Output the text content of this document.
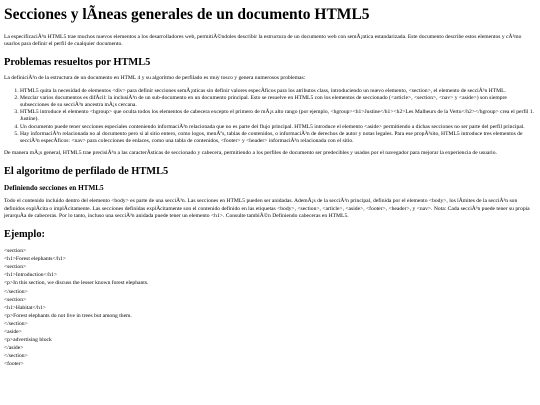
Secciones y lÃneas generales de un documento HTML5

La especificaciÃ³n HTML5 trae muchos nuevos elementos a los desarrolladores web, permitiÃ©ndoles describir la estructura de un documento web con semÃ¡ntica estandarizada. Este documento describe estos elementos y cÃ³mo usarlos para definir el perfil de cualquier documento.

Problemas resueltos por HTML5

La definiciÃ³n de la estructura de un documento en HTML 4 y su algoritmo de perfilado es muy tosco y genera numerosos problemas:

1. HTML5 quita la necesidad de elementos <div> para definir secciones semÃ¡nticas sin definir valores especÃficos para los atributos class, introduciendo un nuevo elemento, <section>, el elemento de secciÃ³n HTML.
2. Mezclar varios documentos es difÃcil: la inclusiÃ³n de un sub-documento en un documento principal. Esto se resuelve en HTML5 con los elementos de seccionado (<article>, <section>, <nav> y <aside>) son siempre subsecciones de su secciÃ³n ancestra mÃ¡s cercana.
3. HTML5 introduce el elemento <hgroup> que oculta todos los elementos de cabecera excepto el primero de mÃ¡s alto rango (por ejemplo, <hgroup><h1>Justine</h1><h2>Les Malheurs de la Vertu</h2></hgroup> crea el perfil 1. Justine).
4. Un documento puede tener secciones especiales conteniendo informaciÃ³n relacionada que no es parte del flujo principal. HTML5 introduce el elemento <aside> permitiendo a dichas secciones no ser parte del perfil principal.
5. Hay informaciÃ³n relacionada no al documento pero si al sitio entero, como logos, menÃºs, tablas de contenidos, o informaciÃ³n de derechos de autor y notas legales. Para ese propÃ³sito, HTML5 introduce tres elementos de secciÃ³n especÃficos: <nav> para colecciones de enlaces, como una tabla de contenidos, <footer> y <header> informaciÃ³n relacionada con el sitio.

De manera mÃ¡s general, HTML5 trae precisiÃ³n a las caracterÃsticas de seccionado y cabecera, permitiendo a los perfiles de documento ser predecibles y usados por el navegador para mejorar la experiencia de usuario.

El algoritmo de perfilado de HTML5
Definiendo secciones en HTML5

Todo el contenido incluido dentro del elemento <body> es parte de una secciÃ³n. Las secciones en HTML5 pueden ser anidadas. AdemÃ¡s de la secciÃ³n principal, definida por el elemento <body>, los lÃmites de la secciÃ³n son definidos explÃcita o implÃcitamente. Las secciones definidas explÃcitamente son el contenido definido en las etiquetas <body>, <section>, <article>, <aside>, <footer>, <header>, y <nav>. Nota: Cada secciÃ³n puede tener su propia jerarquÃa de cabeceras. Por lo tanto, incluso una secciÃ³n anidada puede tener un elemento <h1>. Consulte tambiÃ©n Definiendo cabeceras en HTML5.

Ejemplo:
<section>
<h1>Forest elephants</h1>
<section>
<h1>Introduction</h1>
<p>In this section, we discuss the lesser known forest elephants.
</section>
<section>
<h1>Habitat</h1>
<p>Forest elephants do not live in trees but among them.
</section>
<aside>
<p>advertising block
</aside>
</section>
<footer>
